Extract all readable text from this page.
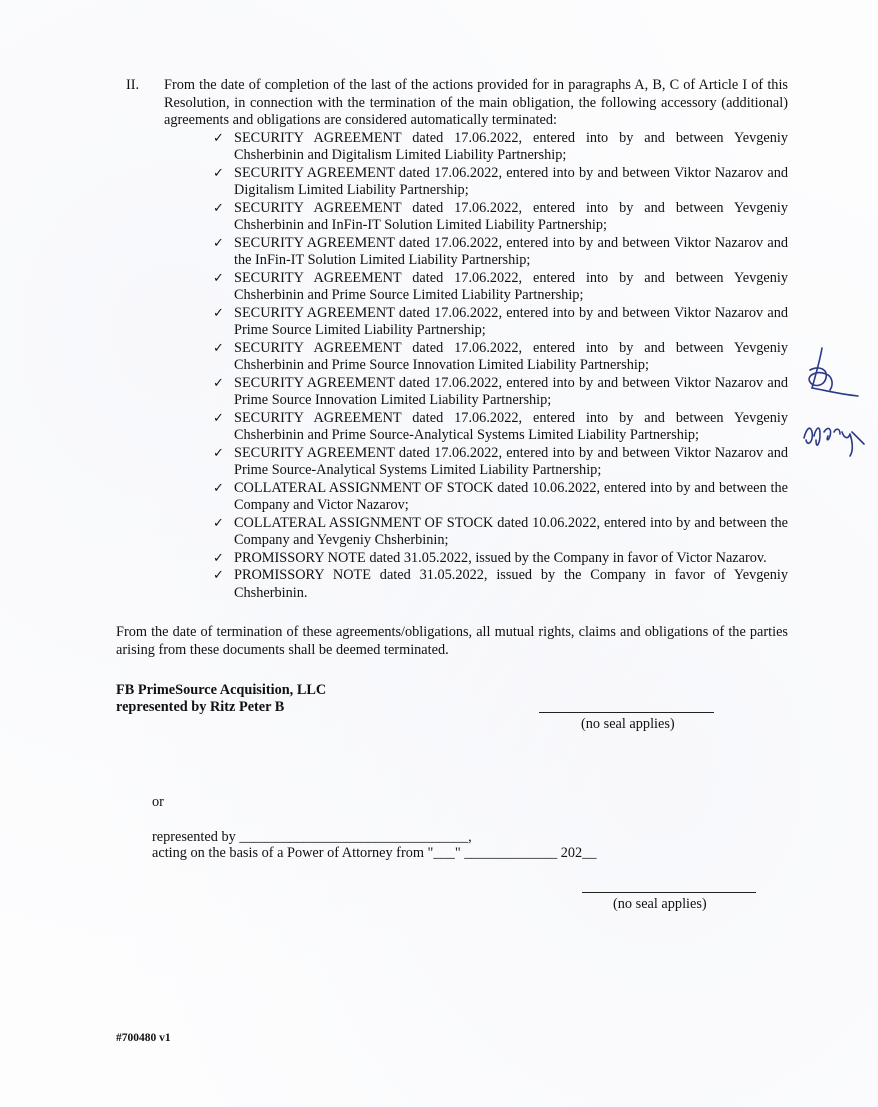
II. From the date of completion of the last of the actions provided for in paragraphs A, B, C of Article I of this Resolution, in connection with the termination of the main obligation, the following accessory (additional) agreements and obligations are considered automatically terminated:
✓ SECURITY AGREEMENT dated 17.06.2022, entered into by and between Yevgeniy Chsherbinin and Digitalism Limited Liability Partnership;
✓ SECURITY AGREEMENT dated 17.06.2022, entered into by and between Viktor Nazarov and Digitalism Limited Liability Partnership;
✓ SECURITY AGREEMENT dated 17.06.2022, entered into by and between Yevgeniy Chsherbinin and InFin-IT Solution Limited Liability Partnership;
✓ SECURITY AGREEMENT dated 17.06.2022, entered into by and between Viktor Nazarov and the InFin-IT Solution Limited Liability Partnership;
✓ SECURITY AGREEMENT dated 17.06.2022, entered into by and between Yevgeniy Chsherbinin and Prime Source Limited Liability Partnership;
✓ SECURITY AGREEMENT dated 17.06.2022, entered into by and between Viktor Nazarov and Prime Source Limited Liability Partnership;
✓ SECURITY AGREEMENT dated 17.06.2022, entered into by and between Yevgeniy Chsherbinin and Prime Source Innovation Limited Liability Partnership;
✓ SECURITY AGREEMENT dated 17.06.2022, entered into by and between Viktor Nazarov and Prime Source Innovation Limited Liability Partnership;
✓ SECURITY AGREEMENT dated 17.06.2022, entered into by and between Yevgeniy Chsherbinin and Prime Source-Analytical Systems Limited Liability Partnership;
✓ SECURITY AGREEMENT dated 17.06.2022, entered into by and between Viktor Nazarov and Prime Source-Analytical Systems Limited Liability Partnership;
✓ COLLATERAL ASSIGNMENT OF STOCK dated 10.06.2022, entered into by and between the Company and Victor Nazarov;
✓ COLLATERAL ASSIGNMENT OF STOCK dated 10.06.2022, entered into by and between the Company and Yevgeniy Chsherbinin;
✓ PROMISSORY NOTE dated 31.05.2022, issued by the Company in favor of Victor Nazarov.
✓ PROMISSORY NOTE dated 31.05.2022, issued by the Company in favor of Yevgeniy Chsherbinin.
From the date of termination of these agreements/obligations, all mutual rights, claims and obligations of the parties arising from these documents shall be deemed terminated.
FB PrimeSource Acquisition, LLC
represented by Ritz Peter B
(no seal applies)
or
represented by ________________________________,
acting on the basis of a Power of Attorney from "___" _____________ 202__
(no seal applies)
#700480 v1
